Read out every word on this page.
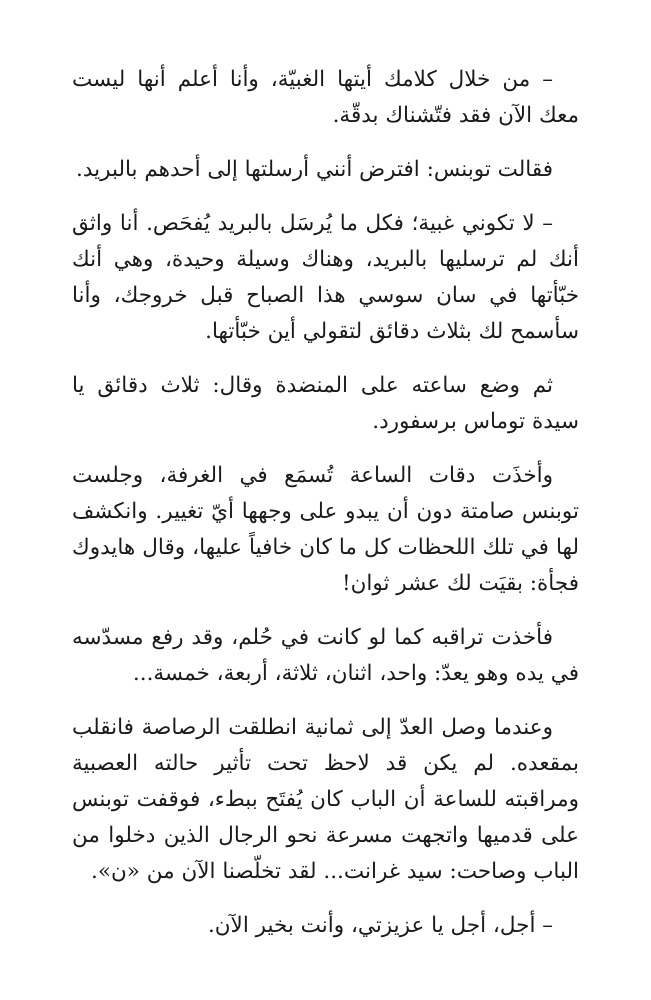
– من خلال كلامك أيتها الغبيّة، وأنا أعلم أنها ليست معك الآن فقد فتّشناك بدقّة.

فقالت توبنس: افترض أنني أرسلتها إلى أحدهم بالبريد.

– لا تكوني غبية؛ فكل ما يُرسَل بالبريد يُفحَص. أنا واثق أنك لم ترسليها بالبريد، وهناك وسيلة وحيدة، وهي أنك خبّأتها في سان سوسي هذا الصباح قبل خروجك، وأنا سأسمح لك بثلاث دقائق لتقولي أين خبّأتها.

ثم وضع ساعته على المنضدة وقال: ثلاث دقائق يا سيدة توماس برسفورد.

وأخذَت دقات الساعة تُسمَع في الغرفة، وجلست توبنس صامتة دون أن يبدو على وجهها أيّ تغيير. وانكشف لها في تلك اللحظات كل ما كان خافياً عليها، وقال هايدوك فجأة: بقيَت لك عشر ثوان!

فأخذت تراقبه كما لو كانت في حُلم، وقد رفع مسدّسه في يده وهو يعدّ: واحد، اثنان، ثلاثة، أربعة، خمسة...

وعندما وصل العدّ إلى ثمانية انطلقت الرصاصة فانقلب بمقعده. لم يكن قد لاحظ تحت تأثير حالته العصبية ومراقبته للساعة أن الباب كان يُفتَح ببطء، فوقفت توبنس على قدميها واتجهت مسرعة نحو الرجال الذين دخلوا من الباب وصاحت: سيد غرانت... لقد تخلّصنا الآن من «ن».

– أجل، أجل يا عزيزتي، وأنت بخير الآن.
